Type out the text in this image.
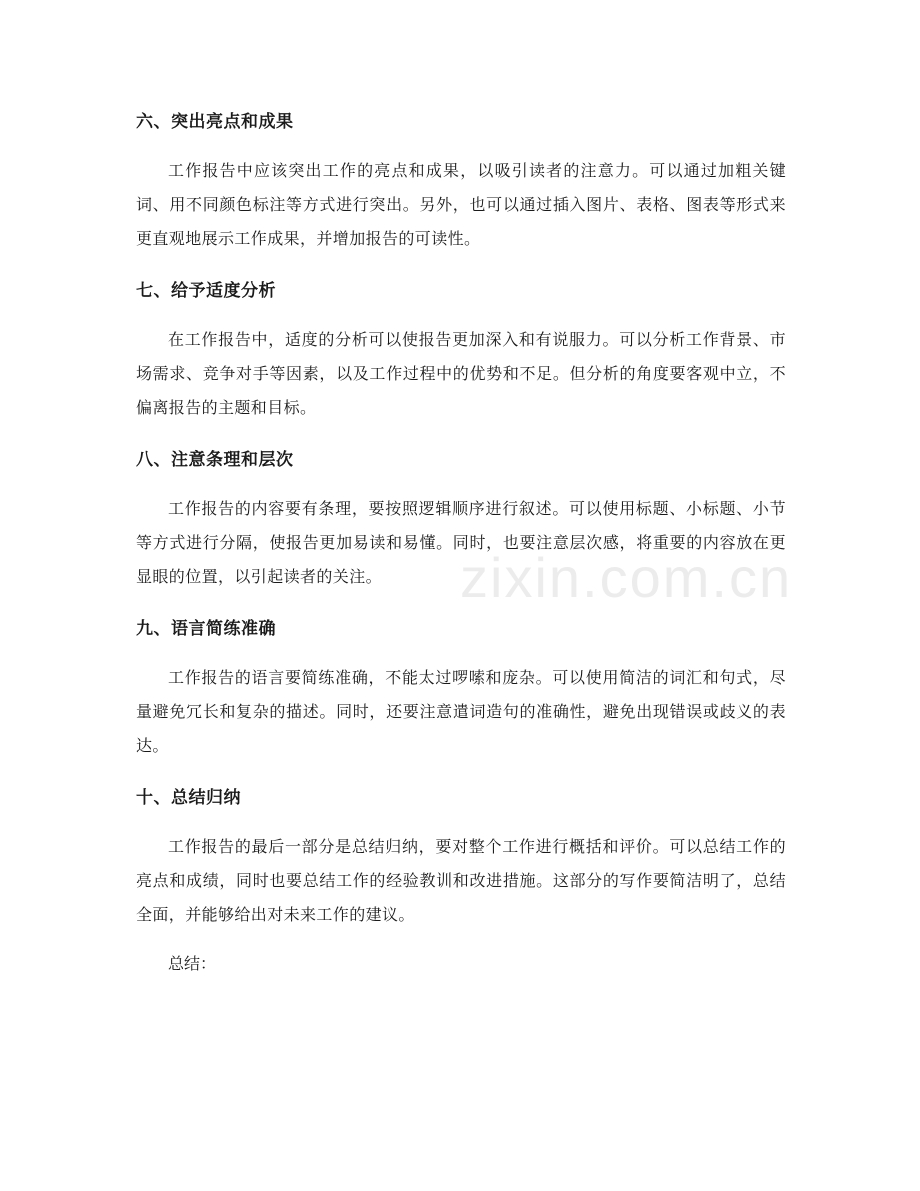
六、突出亮点和成果

工作报告中应该突出工作的亮点和成果，以吸引读者的注意力。可以通过加粗关键词、用不同颜色标注等方式进行突出。另外，也可以通过插入图片、表格、图表等形式来更直观地展示工作成果，并增加报告的可读性。

七、给予适度分析

在工作报告中，适度的分析可以使报告更加深入和有说服力。可以分析工作背景、市场需求、竞争对手等因素，以及工作过程中的优势和不足。但分析的角度要客观中立，不偏离报告的主题和目标。

八、注意条理和层次

工作报告的内容要有条理，要按照逻辑顺序进行叙述。可以使用标题、小标题、小节等方式进行分隔，使报告更加易读和易懂。同时，也要注意层次感，将重要的内容放在更显眼的位置，以引起读者的关注。

九、语言简练准确

工作报告的语言要简练准确，不能太过啰嗦和庞杂。可以使用简洁的词汇和句式，尽量避免冗长和复杂的描述。同时，还要注意遣词造句的准确性，避免出现错误或歧义的表达。

十、总结归纳

工作报告的最后一部分是总结归纳，要对整个工作进行概括和评价。可以总结工作的亮点和成绩，同时也要总结工作的经验教训和改进措施。这部分的写作要简洁明了，总结全面，并能够给出对未来工作的建议。

总结：

zixin.com.cn
